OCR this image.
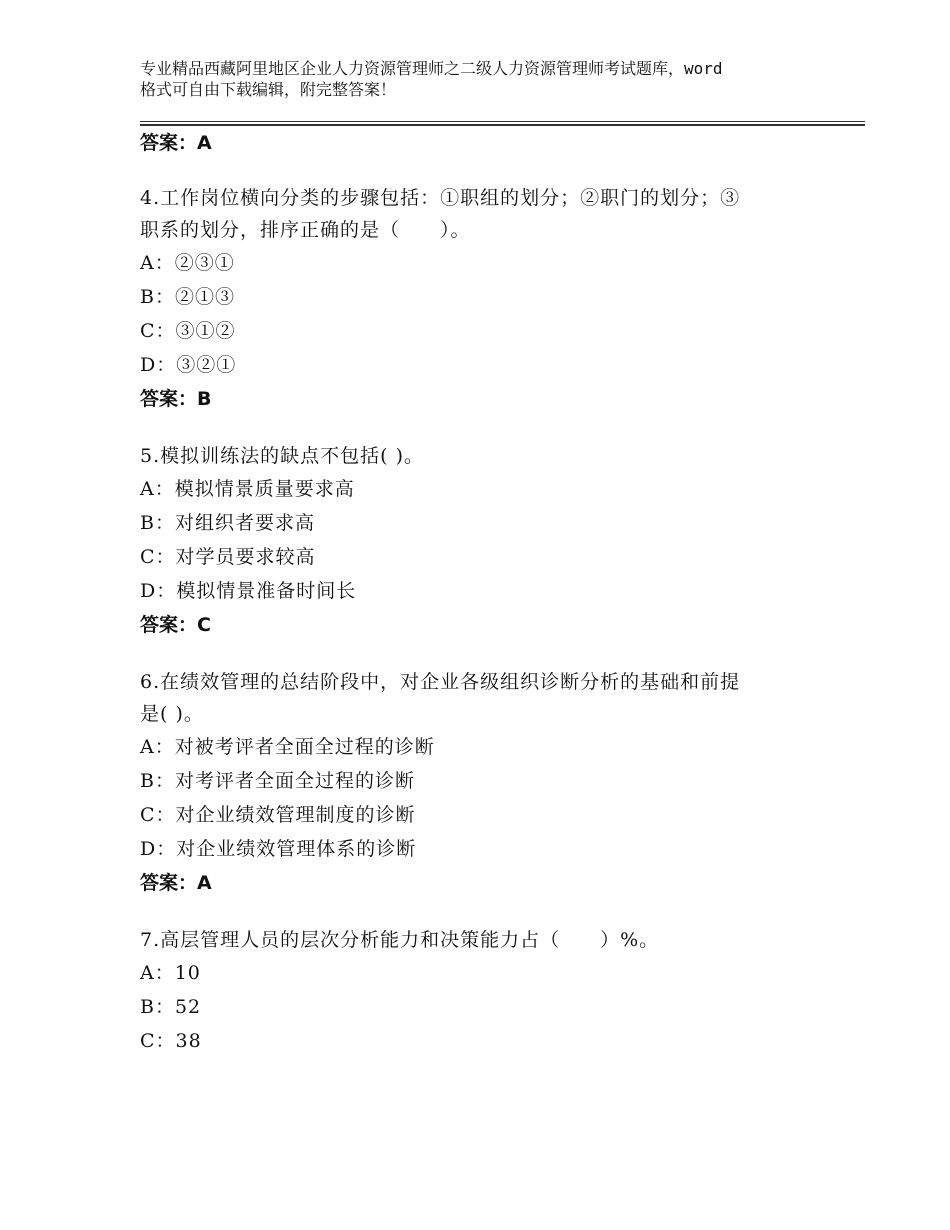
专业精品西藏阿里地区企业人力资源管理师之二级人力资源管理师考试题库，word
格式可自由下载编辑，附完整答案！
答案：A
4.工作岗位横向分类的步骤包括：①职组的划分；②职门的划分；③
职系的划分，排序正确的是（　　）。
A：②③①
B：②①③
C：③①②
D：③②①
答案：B
5.模拟训练法的缺点不包括( )。
A：模拟情景质量要求高
B：对组织者要求高
C：对学员要求较高
D：模拟情景准备时间长
答案：C
6.在绩效管理的总结阶段中，对企业各级组织诊断分析的基础和前提
是( )。
A：对被考评者全面全过程的诊断
B：对考评者全面全过程的诊断
C：对企业绩效管理制度的诊断
D：对企业绩效管理体系的诊断
答案：A
7.高层管理人员的层次分析能力和决策能力占（　　）%。
A：10
B：52
C：38
